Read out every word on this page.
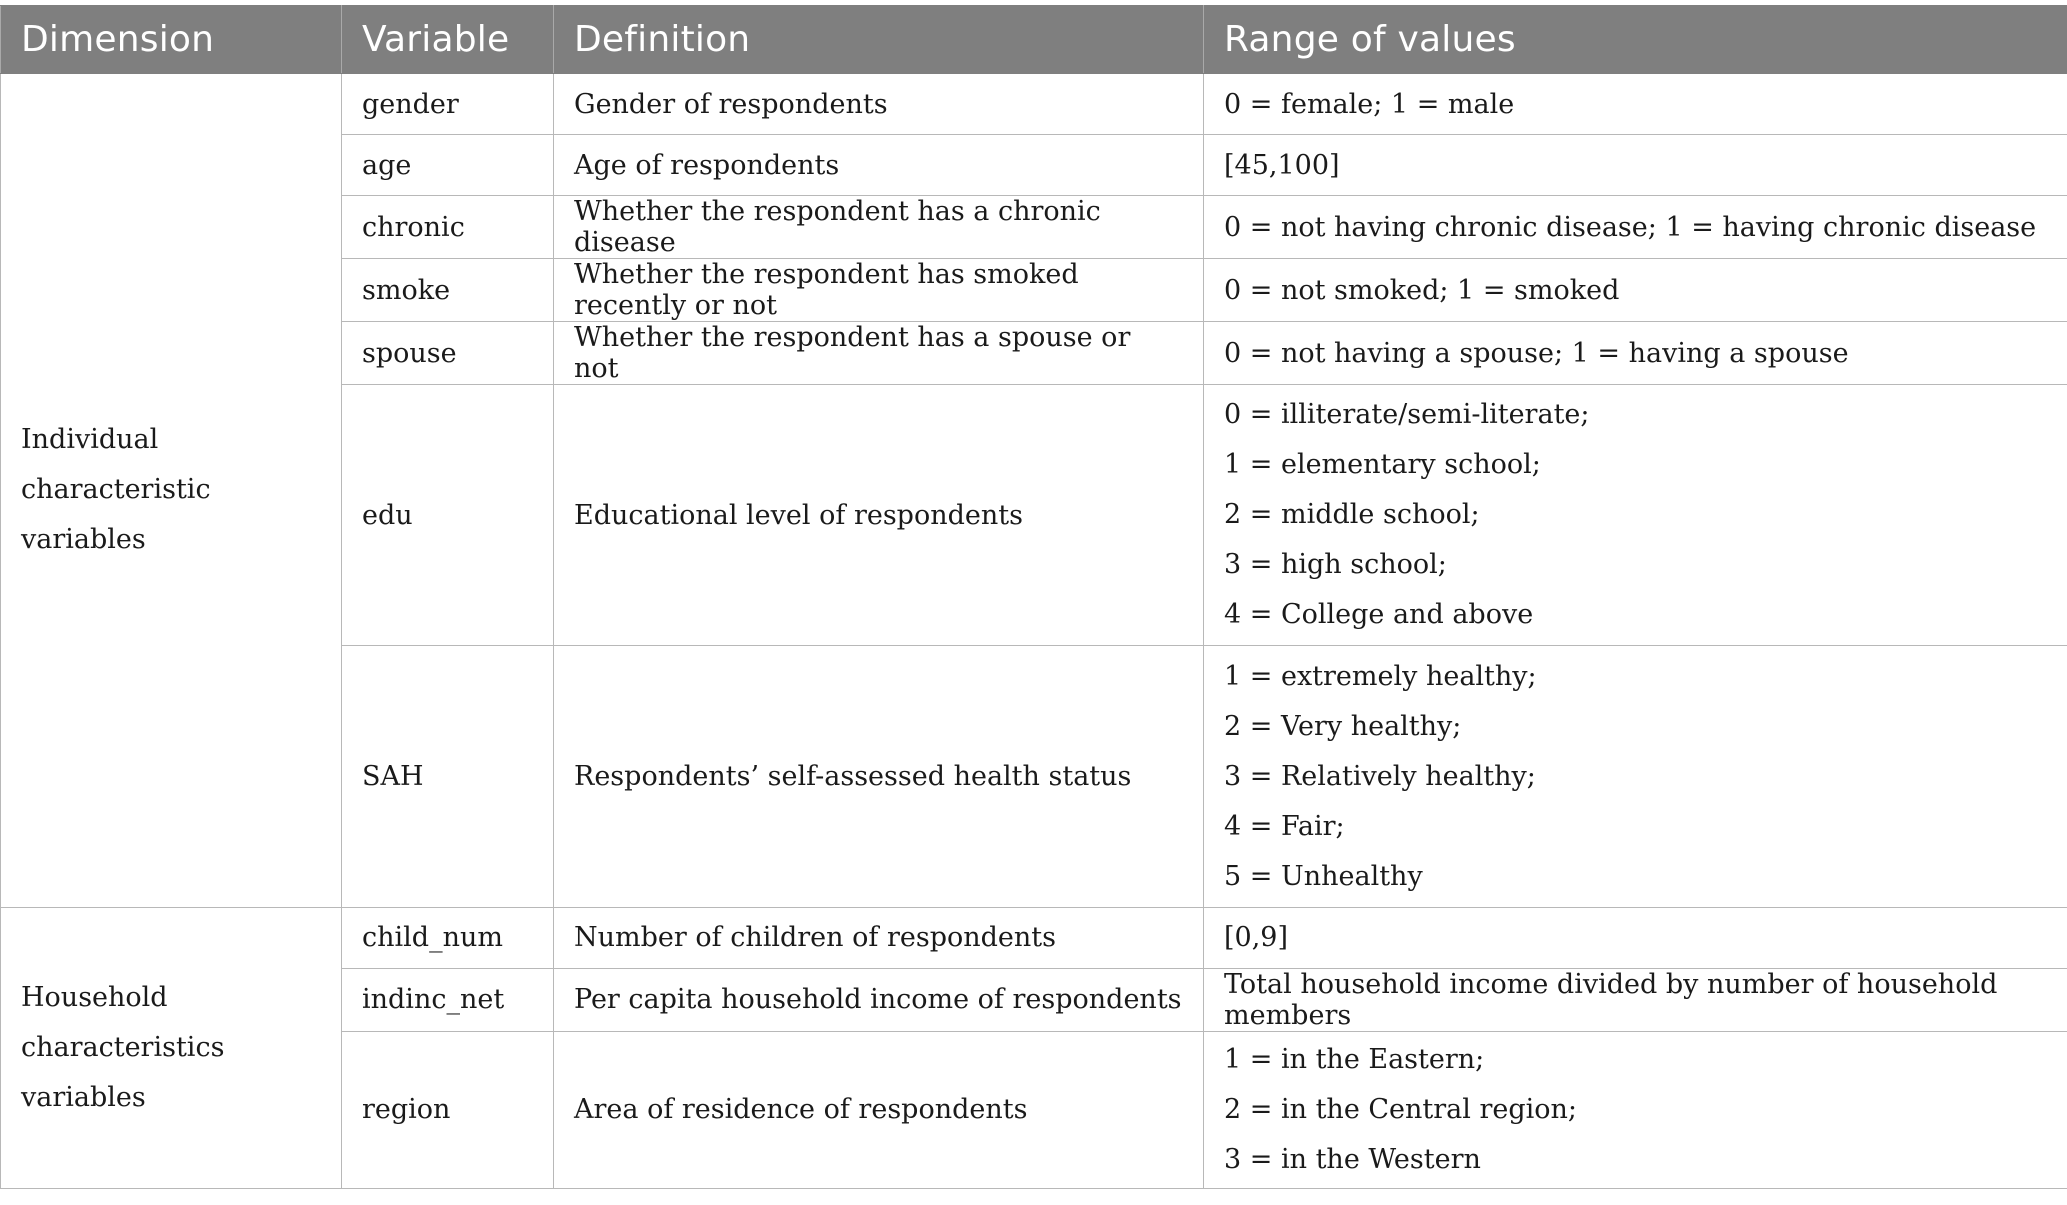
Dimension	Variable	Definition	Range of values

Individual characteristic
variables	gender	Gender of respondents	0 = female; 1 = male
	age	Age of respondents	[45,100]
	chronic	Whether the respondent has a chronic disease	0 = not having chronic disease; 1 = having chronic disease
	smoke	Whether the respondent has smoked recently or not	0 = not smoked; 1 = smoked
	spouse	Whether the respondent has a spouse or not	0 = not having a spouse; 1 = having a spouse
	edu	Educational level of respondents	0 = illiterate/semi-literate;
1 = elementary school;
2 = middle school;
3 = high school;
4 = College and above

	SAH	Respondents’ self-assessed health status	1 = extremely healthy;
2 = Very healthy;
3 = Relatively healthy;
4 = Fair;
5 = Unhealthy

Household characteristics
variables	child_num	Number of children of respondents	[0,9]
	indinc_net	Per capita household income of respondents	Total household income divided by number of household members
	region	Area of residence of respondents	1 = in the Eastern;
2 = in the Central region;
3 = in the Western
